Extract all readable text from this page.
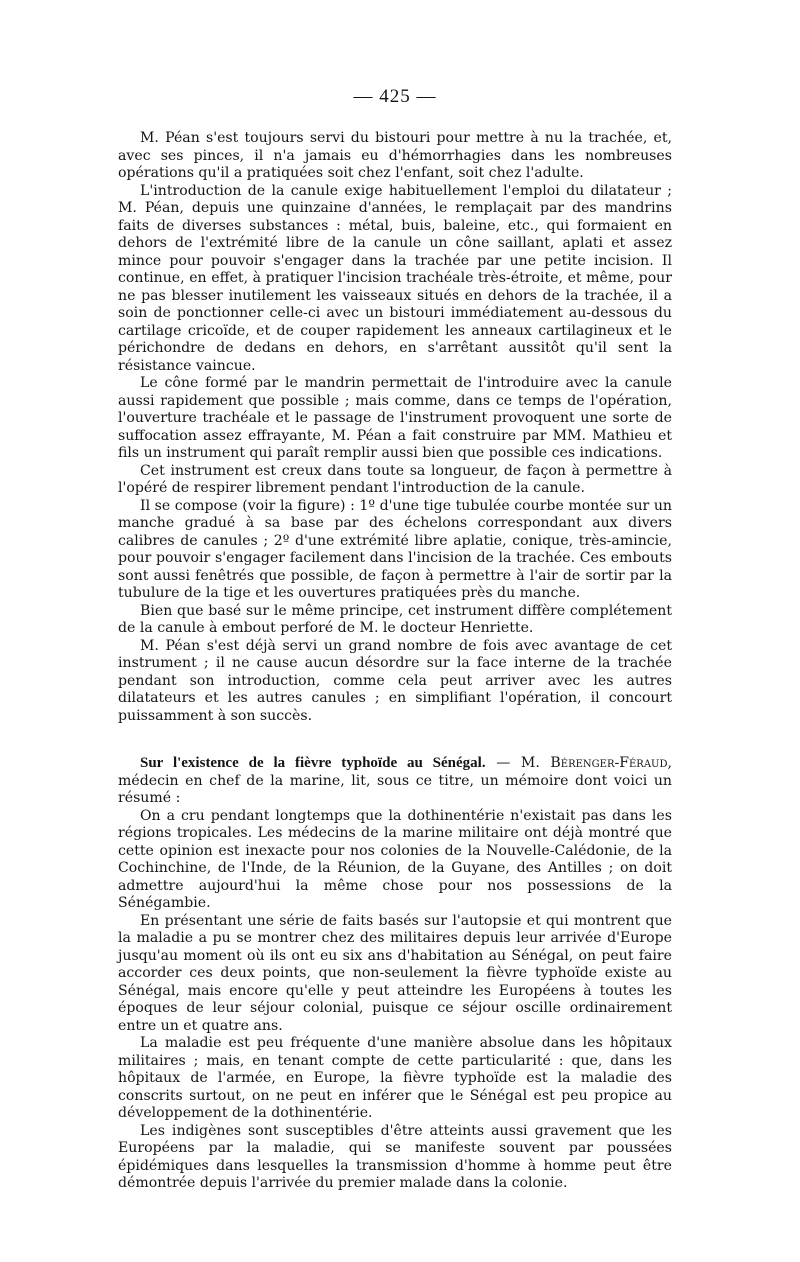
— 425 —

M. Péan s'est toujours servi du bistouri pour mettre à nu la trachée, et, avec ses pinces, il n'a jamais eu d'hémorrhagies dans les nombreuses opérations qu'il a pratiquées soit chez l'enfant, soit chez l'adulte.

L'introduction de la canule exige habituellement l'emploi du dilatateur ; M. Péan, depuis une quinzaine d'années, le remplaçait par des mandrins faits de diverses substances : métal, buis, baleine, etc., qui formaient en dehors de l'extrémité libre de la canule un cône saillant, aplati et assez mince pour pouvoir s'engager dans la trachée par une petite incision. Il continue, en effet, à pratiquer l'incision trachéale très-étroite, et même, pour ne pas blesser inutilement les vaisseaux situés en dehors de la trachée, il a soin de ponctionner celle-ci avec un bistouri immédiatement au-dessous du cartilage cricoïde, et de couper rapidement les anneaux cartilagineux et le périchondre de dedans en dehors, en s'arrêtant aussitôt qu'il sent la résistance vaincue.

Le cône formé par le mandrin permettait de l'introduire avec la canule aussi rapidement que possible ; mais comme, dans ce temps de l'opération, l'ouverture trachéale et le passage de l'instrument provoquent une sorte de suffocation assez effrayante, M. Péan a fait construire par MM. Mathieu et fils un instrument qui paraît remplir aussi bien que possible ces indications.

Cet instrument est creux dans toute sa longueur, de façon à permettre à l'opéré de respirer librement pendant l'introduction de la canule.

Il se compose (voir la figure) : 1º d'une tige tubulée courbe montée sur un manche gradué à sa base par des échelons correspondant aux divers calibres de canules ; 2º d'une extrémité libre aplatie, conique, très-amincie, pour pouvoir s'engager facilement dans l'incision de la trachée. Ces embouts sont aussi fenêtrés que possible, de façon à permettre à l'air de sortir par la tubulure de la tige et les ouvertures pratiquées près du manche.

Bien que basé sur le même principe, cet instrument diffère complétement de la canule à embout perforé de M. le docteur Henriette.

M. Péan s'est déjà servi un grand nombre de fois avec avantage de cet instrument ; il ne cause aucun désordre sur la face interne de la trachée pendant son introduction, comme cela peut arriver avec les autres dilatateurs et les autres canules ; en simplifiant l'opération, il concourt puissamment à son succès.

Sur l'existence de la fièvre typhoïde au Sénégal. — M. Bérenger-Féraud, médecin en chef de la marine, lit, sous ce titre, un mémoire dont voici un résumé :

On a cru pendant longtemps que la dothinentérie n'existait pas dans les régions tropicales. Les médecins de la marine militaire ont déjà montré que cette opinion est inexacte pour nos colonies de la Nouvelle-Calédonie, de la Cochinchine, de l'Inde, de la Réunion, de la Guyane, des Antilles ; on doit admettre aujourd'hui la même chose pour nos possessions de la Sénégambie.

En présentant une série de faits basés sur l'autopsie et qui montrent que la maladie a pu se montrer chez des militaires depuis leur arrivée d'Europe jusqu'au moment où ils ont eu six ans d'habitation au Sénégal, on peut faire accorder ces deux points, que non-seulement la fièvre typhoïde existe au Sénégal, mais encore qu'elle y peut atteindre les Européens à toutes les époques de leur séjour colonial, puisque ce séjour oscille ordinairement entre un et quatre ans.

La maladie est peu fréquente d'une manière absolue dans les hôpitaux militaires ; mais, en tenant compte de cette particularité : que, dans les hôpitaux de l'armée, en Europe, la fièvre typhoïde est la maladie des conscrits surtout, on ne peut en inférer que le Sénégal est peu propice au développement de la dothinentérie.

Les indigènes sont susceptibles d'être atteints aussi gravement que les Européens par la maladie, qui se manifeste souvent par poussées épidémiques dans lesquelles la transmission d'homme à homme peut être démontrée depuis l'arrivée du premier malade dans la colonie.
